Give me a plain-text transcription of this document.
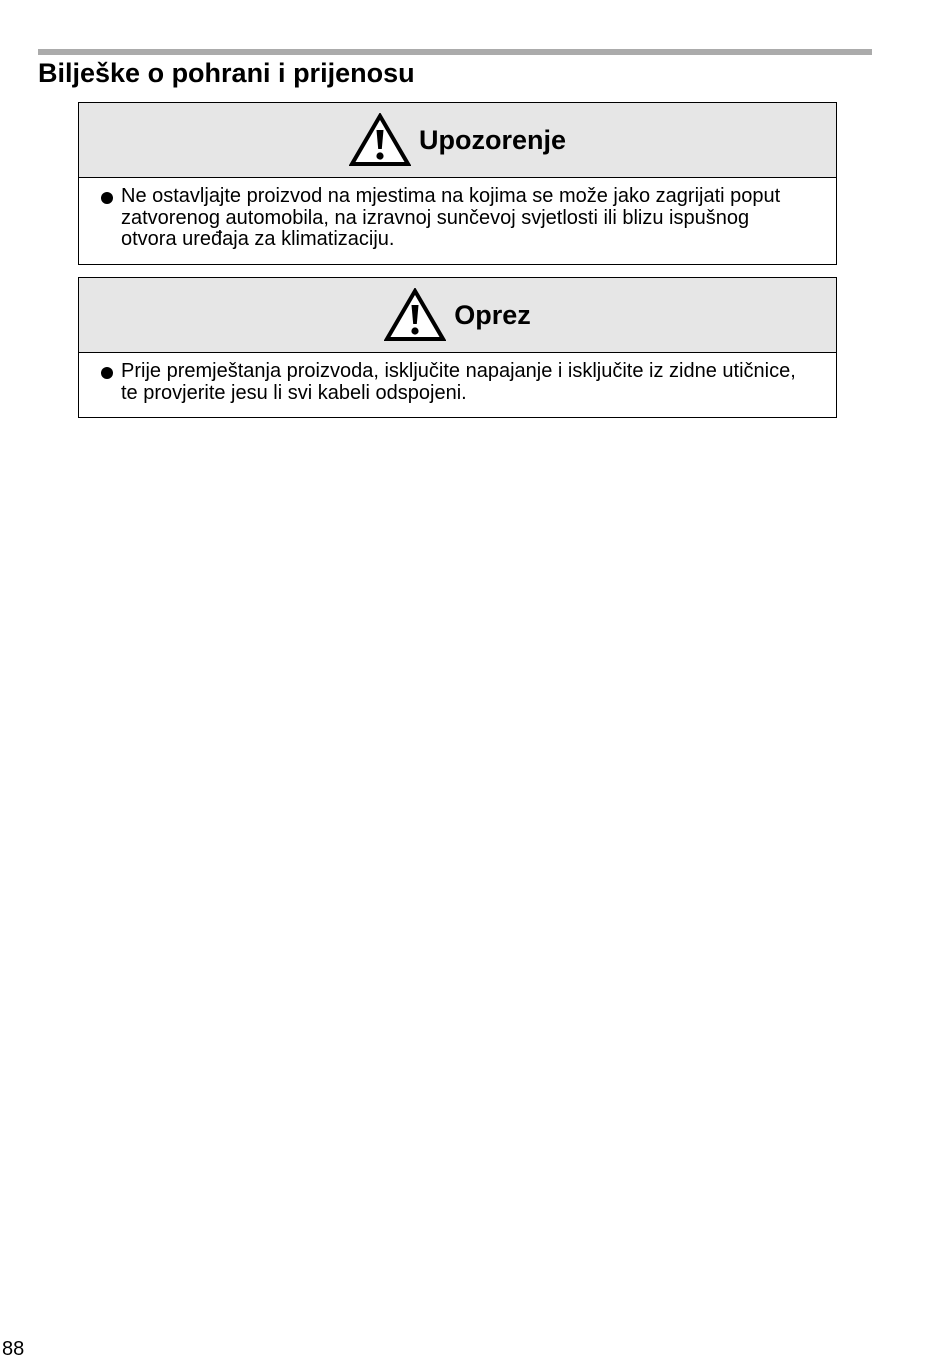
Bilješke o pohrani i prijenosu
Upozorenje

Ne ostavljajte proizvod na mjestima na kojima se može jako zagrijati poput zatvorenog automobila, na izravnoj sunčevoj svjetlosti ili blizu ispušnog otvora uređaja za klimatizaciju.

Oprez

Prije premještanja proizvoda, isključite napajanje i isključite iz zidne utičnice, te provjerite jesu li svi kabeli odspojeni.

88
